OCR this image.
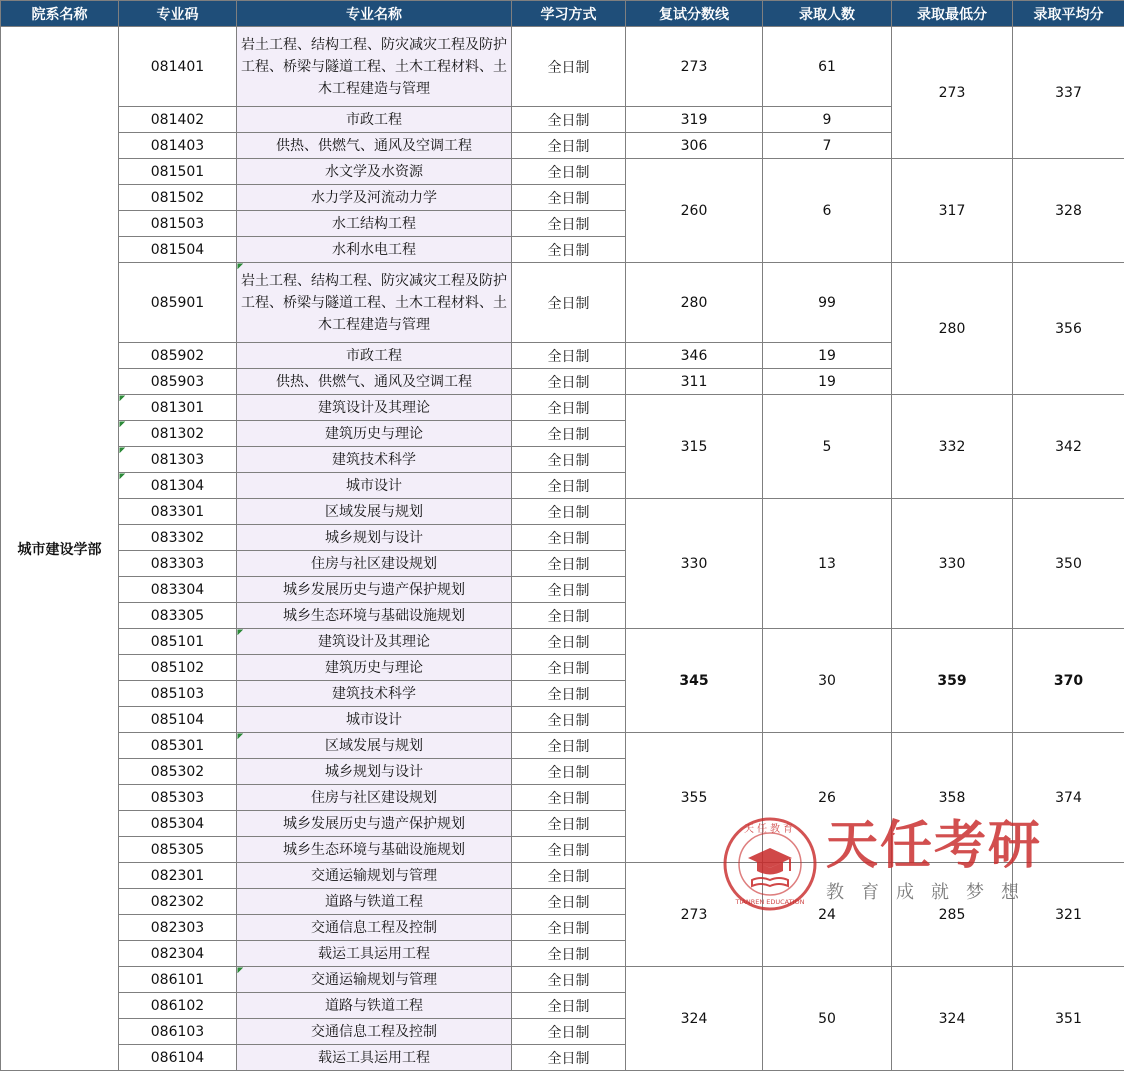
院系名称	专业码	专业名称	学习方式	复试分数线	录取人数	录取最低分	录取平均分
城市建设学部	081401	岩土工程、结构工程、防灾减灾工程及防护工程、桥梁与隧道工程、土木工程材料、土木工程建造与管理	全日制	273	61	273	337
	081402	市政工程	全日制	319	9		
	081403	供热、供燃气、通风及空调工程	全日制	306	7		
	081501	水文学及水资源	全日制	260	6	317	328
	081502	水力学及河流动力学	全日制				
	081503	水工结构工程	全日制				
	081504	水利水电工程	全日制				
	085901	岩土工程、结构工程、防灾减灾工程及防护工程、桥梁与隧道工程、土木工程材料、土木工程建造与管理	全日制	280	99	280	356
	085902	市政工程	全日制	346	19		
	085903	供热、供燃气、通风及空调工程	全日制	311	19		
	081301	建筑设计及其理论	全日制	315	5	332	342
	081302	建筑历史与理论	全日制				
	081303	建筑技术科学	全日制				
	081304	城市设计	全日制				
	083301	区域发展与规划	全日制	330	13	330	350
	083302	城乡规划与设计	全日制				
	083303	住房与社区建设规划	全日制				
	083304	城乡发展历史与遗产保护规划	全日制				
	083305	城乡生态环境与基础设施规划	全日制				
	085101	建筑设计及其理论	全日制	345	30	359	370
	085102	建筑历史与理论	全日制				
	085103	建筑技术科学	全日制				
	085104	城市设计	全日制				
	085301	区域发展与规划	全日制	355	26	358	374
	085302	城乡规划与设计	全日制				
	085303	住房与社区建设规划	全日制				
	085304	城乡发展历史与遗产保护规划	全日制				
	085305	城乡生态环境与基础设施规划	全日制				
	082301	交通运输规划与管理	全日制	273	24	285	321
	082302	道路与铁道工程	全日制				
	082303	交通信息工程及控制	全日制				
	082304	载运工具运用工程	全日制				
	086101	交通运输规划与管理	全日制	324	50	324	351
	086102	道路与铁道工程	全日制				
	086103	交通信息工程及控制	全日制				
	086104	载运工具运用工程	全日制				
天任教育
TIANREN EDUCATION
天任考研
教育成就梦想
